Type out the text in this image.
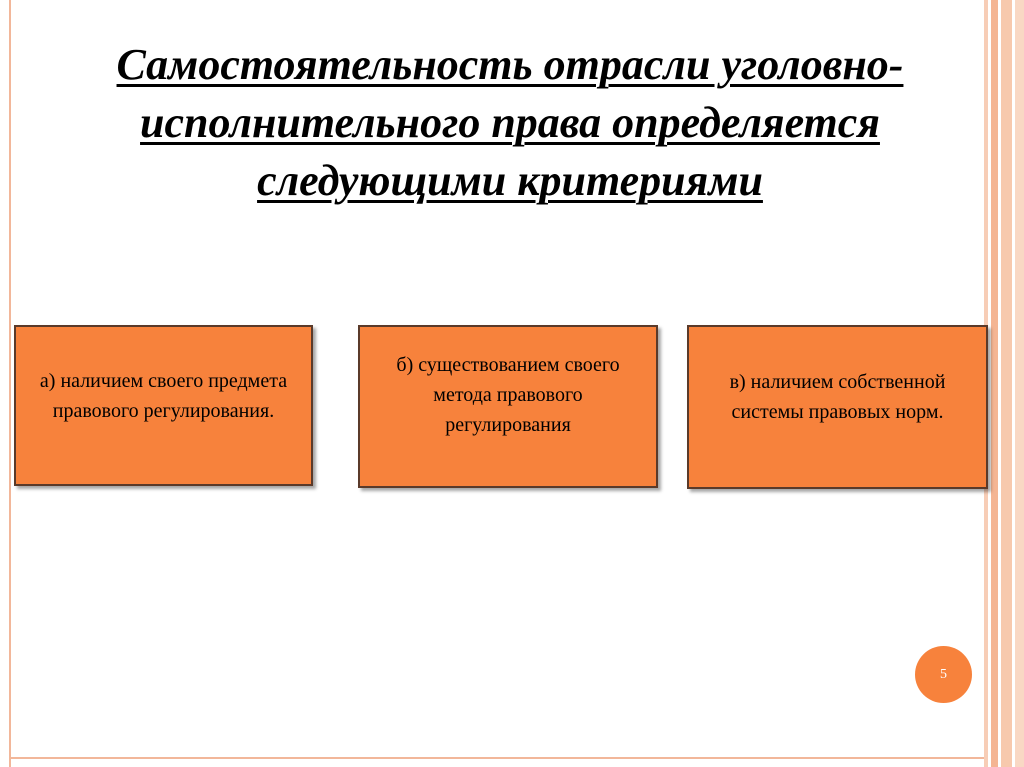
Самостоятельность отрасли уголовно-исполнительного права определяется следующими критериями
а) наличием своего предмета правового регулирования.
б) существованием своего метода правового регулирования
в) наличием собственной системы правовых норм.
5
